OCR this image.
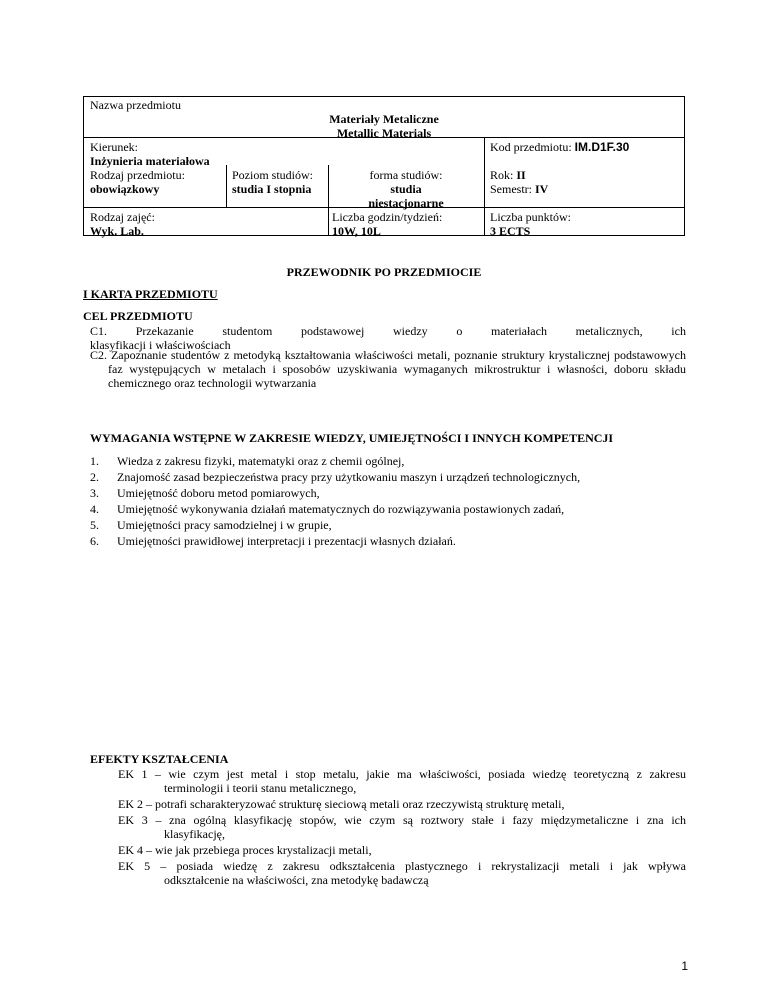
Nazwa przedmiotu
Materiały Metaliczne
Metallic Materials
Kierunek:
Inżynieria materiałowa
Kod przedmiotu: IM.D1F.30
Rodzaj przedmiotu:
obowiązkowy
Poziom studiów:
studia I stopnia
forma studiów:
studia
niestacjonarne
Rok: II
Semestr: IV
Rodzaj zajęć:
Wyk. Lab.
Liczba godzin/tydzień:
10W, 10L
Liczba punktów:
3 ECTS
PRZEWODNIK PO PRZEDMIOCIE
I KARTA PRZEDMIOTU
CEL PRZEDMIOTU
C1. Przekazanie studentom podstawowej wiedzy o materiałach metalicznych, ich
klasyfikacji i właściwościach
C2. Zapoznanie studentów z metodyką kształtowania właściwości metali, poznanie struktury krystalicznej podstawowych faz występujących w metalach i sposobów uzyskiwania wymaganych mikrostruktur i własności, doboru składu chemicznego oraz technologii wytwarzania
WYMAGANIA WSTĘPNE W ZAKRESIE WIEDZY, UMIEJĘTNOŚCI I INNYCH KOMPETENCJI
1.	Wiedza z zakresu fizyki, matematyki oraz z chemii ogólnej,
2.	Znajomość zasad bezpieczeństwa pracy przy użytkowaniu maszyn i urządzeń technologicznych,
3.	Umiejętność doboru metod pomiarowych,
4.	Umiejętność wykonywania działań matematycznych do rozwiązywania postawionych zadań,
5.	Umiejętności pracy samodzielnej i w grupie,
6.	Umiejętności prawidłowej interpretacji i prezentacji własnych działań.
EFEKTY KSZTAŁCENIA
EK 1 – wie czym jest metal i stop metalu, jakie ma właściwości, posiada wiedzę teoretyczną z zakresu
terminologii i teorii stanu metalicznego,
EK 2 – potrafi scharakteryzować strukturę sieciową metali oraz rzeczywistą strukturę metali,
EK 3 – zna ogólną klasyfikację stopów, wie czym są roztwory stałe i fazy międzymetaliczne i zna ich
klasyfikację,
EK 4 – wie jak przebiega proces krystalizacji metali,
EK 5 – posiada wiedzę z zakresu odkształcenia plastycznego i rekrystalizacji metali i jak wpływa
odkształcenie na właściwości, zna metodykę badawczą
1
